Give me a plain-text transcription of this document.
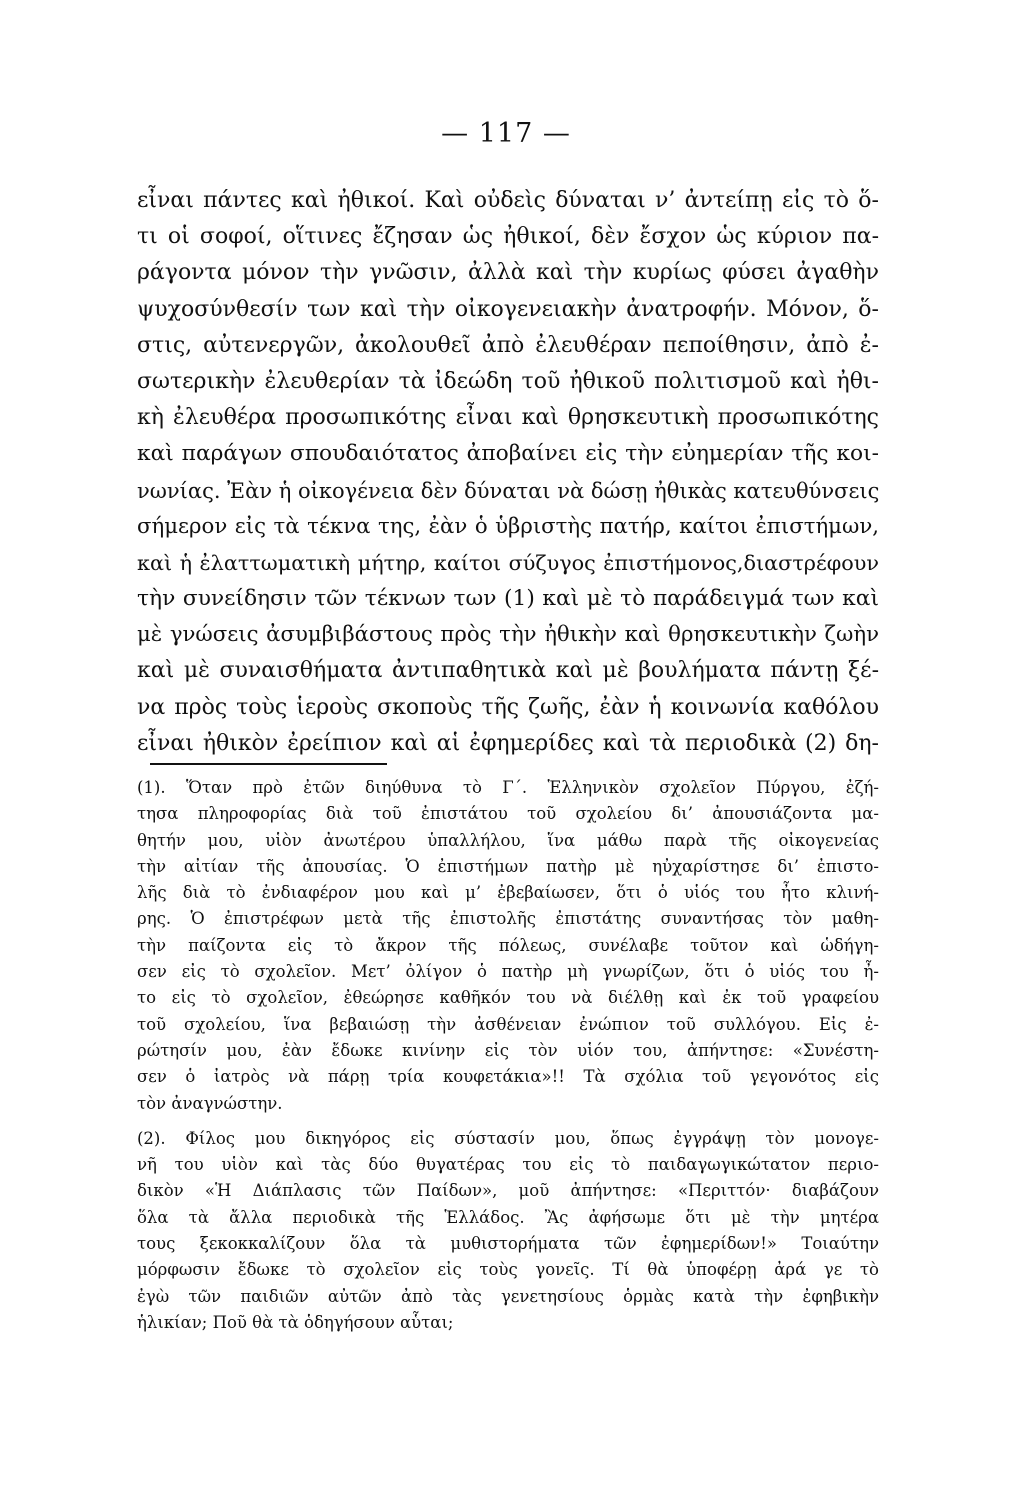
— 117 —
εἶναι πάντες καὶ ἠθικοί. Καὶ οὐδεὶς δύναται ν’ ἀντείπῃ εἰς τὸ ὅ-
τι οἱ σοφοί, οἵτινες ἔζησαν ὡς ἠθικοί, δὲν ἔσχον ὡς κύριον πα-
ράγοντα μόνον τὴν γνῶσιν, ἀλλὰ καὶ τὴν κυρίως φύσει ἀγαθὴν
ψυχοσύνθεσίν των καὶ τὴν οἰκογενειακὴν ἀνατροφήν. Μόνον, ὅ-
στις, αὐτενεργῶν, ἀκολουθεῖ ἀπὸ ἐλευθέραν πεποίθησιν, ἀπὸ ἐ-
σωτερικὴν ἐλευθερίαν τὰ ἰδεώδη τοῦ ἠθικοῦ πολιτισμοῦ καὶ ἠθι-
κὴ ἐλευθέρα προσωπικότης εἶναι καὶ θρησκευτικὴ προσωπικότης
καὶ παράγων σπουδαιότατος ἀποβαίνει εἰς τὴν εὐημερίαν τῆς κοι-
νωνίας. Ἐὰν ἡ οἰκογένεια δὲν δύναται νὰ δώσῃ ἠθικὰς κατευθύνσεις
σήμερον εἰς τὰ τέκνα της, ἐὰν ὁ ὑβριστὴς πατήρ, καίτοι ἐπιστήμων,
καὶ ἡ ἐλαττωματικὴ μήτηρ, καίτοι σύζυγος ἐπιστήμονος,διαστρέφουν
τὴν συνείδησιν τῶν τέκνων των (1) καὶ μὲ τὸ παράδειγμά των καὶ
μὲ γνώσεις ἀσυμβιβάστους πρὸς τὴν ἠθικὴν καὶ θρησκευτικὴν ζωὴν
καὶ μὲ συναισθήματα ἀντιπαθητικὰ καὶ μὲ βουλήματα πάντῃ ξέ-
να πρὸς τοὺς ἱεροὺς σκοποὺς τῆς ζωῆς, ἐὰν ἡ κοινωνία καθόλου
εἶναι ἠθικὸν ἐρείπιον καὶ αἱ ἐφημερίδες καὶ τὰ περιοδικὰ (2) δη-
(1). Ὅταν πρὸ ἐτῶν διηύθυνα τὸ Γ΄. Ἑλληνικὸν σχολεῖον Πύργου, ἐζή-
τησα πληροφορίας διὰ τοῦ ἐπιστάτου τοῦ σχολείου δι’ ἀπουσιάζοντα μα-
θητήν μου, υἱὸν ἀνωτέρου ὑπαλλήλου, ἵνα μάθω παρὰ τῆς οἰκογενείας
τὴν αἰτίαν τῆς ἀπουσίας. Ὁ ἐπιστήμων πατὴρ μὲ ηὐχαρίστησε δι’ ἐπιστο-
λῆς διὰ τὸ ἐνδιαφέρον μου καὶ μ’ ἐβεβαίωσεν, ὅτι ὁ υἱός του ἦτο κλινή-
ρης. Ὁ ἐπιστρέφων μετὰ τῆς ἐπιστολῆς ἐπιστάτης συναντήσας τὸν μαθη-
τὴν παίζοντα εἰς τὸ ἄκρον τῆς πόλεως, συνέλαβε τοῦτον καὶ ὡδήγη-
σεν εἰς τὸ σχολεῖον. Μετ’ ὀλίγον ὁ πατὴρ μὴ γνωρίζων, ὅτι ὁ υἱός του ἦ-
το εἰς τὸ σχολεῖον, ἐθεώρησε καθῆκόν του νὰ διέλθῃ καὶ ἐκ τοῦ γραφείου
τοῦ σχολείου, ἵνα βεβαιώσῃ τὴν ἀσθένειαν ἐνώπιον τοῦ συλλόγου. Εἰς ἐ-
ρώτησίν μου, ἐὰν ἔδωκε κινίνην εἰς τὸν υἱόν του, ἀπήντησε: «Συνέστη-
σεν ὁ ἰατρὸς νὰ πάρῃ τρία κουφετάκια»!! Τὰ σχόλια τοῦ γεγονότος εἰς
τὸν ἀναγνώστην.
(2). Φίλος μου δικηγόρος εἰς σύστασίν μου, ὅπως ἐγγράψῃ τὸν μονογε-
νῆ του υἱὸν καὶ τὰς δύο θυγατέρας του εἰς τὸ παιδαγωγικώτατον περιο-
δικὸν «Ἡ Διάπλασις τῶν Παίδων», μοῦ ἀπήντησε: «Περιττόν· διαβάζουν
ὅλα τὰ ἄλλα περιοδικὰ τῆς Ἑλλάδος. Ἂς ἀφήσωμε ὅτι μὲ τὴν μητέρα
τους ξεκοκκαλίζουν ὅλα τὰ μυθιστορήματα τῶν ἐφημερίδων!» Τοιαύτην
μόρφωσιν ἔδωκε τὸ σχολεῖον εἰς τοὺς γονεῖς. Τί θὰ ὑποφέρῃ ἀρά γε τὸ
ἐγὼ τῶν παιδιῶν αὐτῶν ἀπὸ τὰς γενετησίους ὁρμὰς κατὰ τὴν ἐφηβικὴν
ἡλικίαν; Ποῦ θὰ τὰ ὁδηγήσουν αὗται;
